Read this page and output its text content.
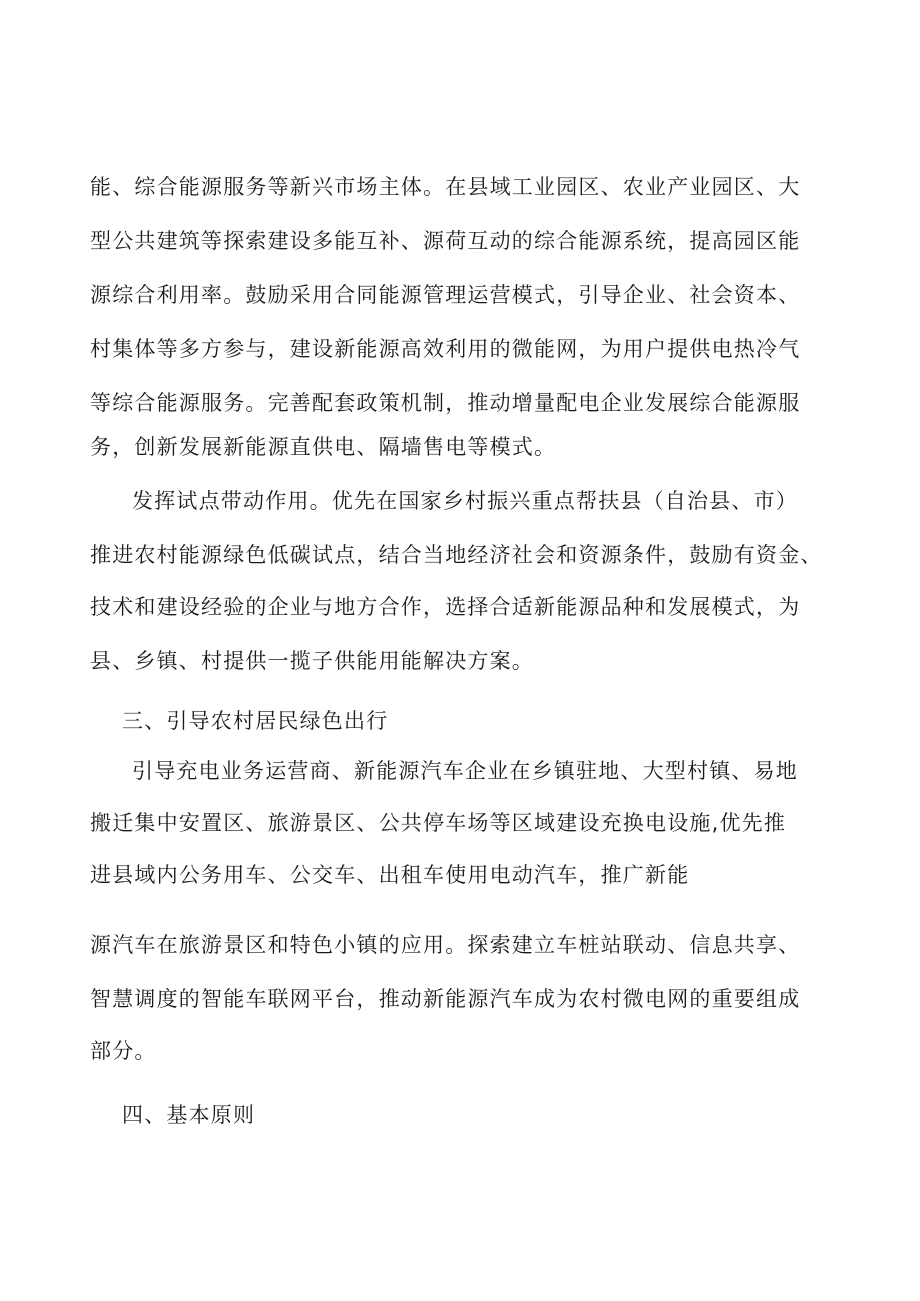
能、综合能源服务等新兴市场主体。在县域工业园区、农业产业园区、大
型公共建筑等探索建设多能互补、源荷互动的综合能源系统，提高园区能
源综合利用率。鼓励采用合同能源管理运营模式，引导企业、社会资本、
村集体等多方参与，建设新能源高效利用的微能网，为用户提供电热冷气
等综合能源服务。完善配套政策机制，推动增量配电企业发展综合能源服
务，创新发展新能源直供电、隔墙售电等模式。
发挥试点带动作用。优先在国家乡村振兴重点帮扶县（自治县、市）
推进农村能源绿色低碳试点，结合当地经济社会和资源条件，鼓励有资金、
技术和建设经验的企业与地方合作，选择合适新能源品种和发展模式，为
县、乡镇、村提供一揽子供能用能解决方案。
三、引导农村居民绿色出行
引导充电业务运营商、新能源汽车企业在乡镇驻地、大型村镇、易地
搬迁集中安置区、旅游景区、公共停车场等区域建设充换电设施,优先推
进县域内公务用车、公交车、出租车使用电动汽车，推广新能
源汽车在旅游景区和特色小镇的应用。探索建立车桩站联动、信息共享、
智慧调度的智能车联网平台，推动新能源汽车成为农村微电网的重要组成
部分。
四、基本原则
